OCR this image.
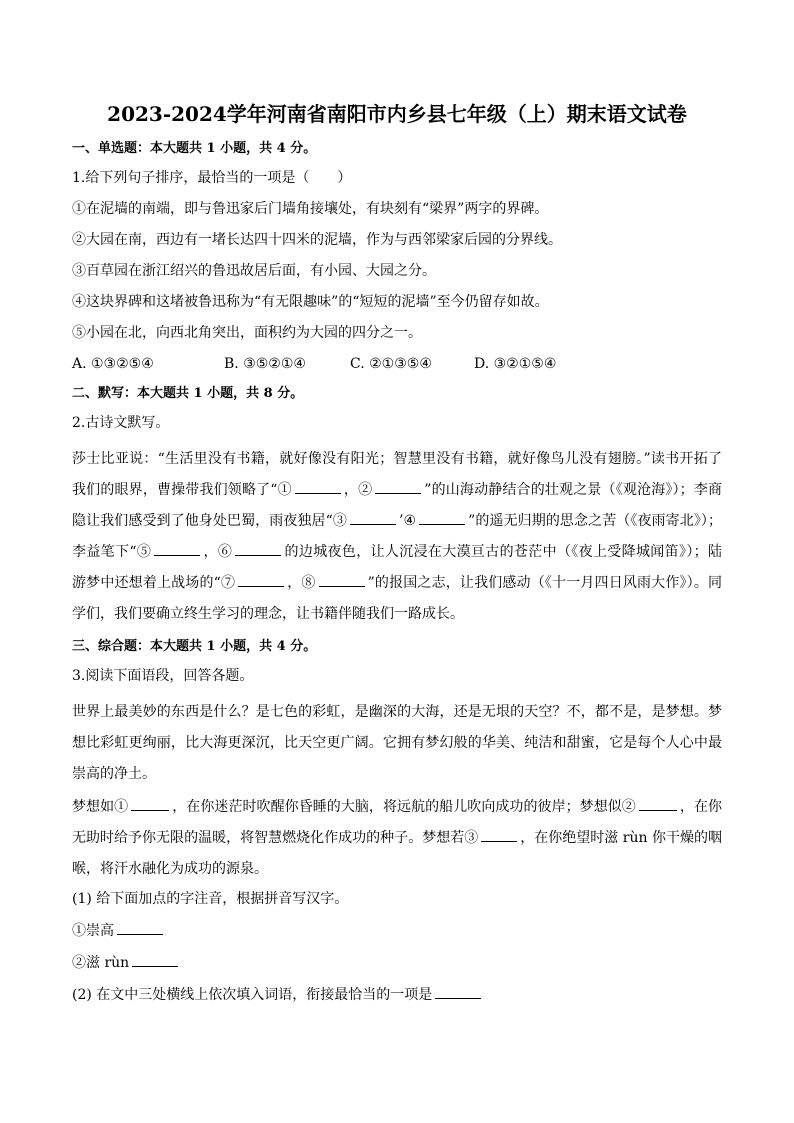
2023-2024学年河南省南阳市内乡县七年级（上）期末语文试卷
一、单选题：本大题共 1 小题，共 4 分。
1.给下列句子排序，最恰当的一项是（　　）
①在泥墙的南端，即与鲁迅家后门墙角接壤处，有块刻有“梁界”两字的界碑。
②大园在南，西边有一堵长达四十四米的泥墙，作为与西邻梁家后园的分界线。
③百草园在浙江绍兴的鲁迅故居后面，有小园、大园之分。
④这块界碑和这堵被鲁迅称为“有无限趣味”的“短短的泥墙”至今仍留存如故。
⑤小园在北，向西北角突出，面积约为大园的四分之一。
A. ①③②⑤④	B. ③⑤②①④	C. ②①③⑤④	D. ③②①⑤④
二、默写：本大题共 1 小题，共 8 分。
2.古诗文默写。

莎士比亚说：“生活里没有书籍，就好像没有阳光；智慧里没有书籍，就好像鸟儿没有翅膀。”读书开拓了我们的眼界，曹操带我们领略了“①	，②	”的山海动静结合的壮观之景（《观沧海》）；李商隐让我们感受到了他身处巴蜀，雨夜独居“③	’④	”的遥无归期的思念之苦（《夜雨寄北》）；李益笔下“⑤	，⑥	的边城夜色，让人沉浸在大漠亘古的苍茫中（《夜上受降城闻笛》）；陆游梦中还想着上战场的“⑦	，⑧	”的报国之志，让我们感动（《十一月四日风雨大作》）。同学们，我们要确立终生学习的理念，让书籍伴随我们一路成长。

三、综合题：本大题共 1 小题，共 4 分。
3.阅读下面语段，回答各题。

世界上最美妙的东西是什么？是七色的彩虹，是幽深的大海，还是无垠的天空？不，都不是，是梦想。梦想比彩虹更绚丽，比大海更深沉，比天空更广阔。它拥有梦幻般的华美、纯洁和甜蜜，它是每个人心中最崇高的净土。

梦想如①	，在你迷茫时吹醒你昏睡的大脑，将远航的船儿吹向成功的彼岸；梦想似②	，在你无助时给予你无限的温暖，将智慧燃烧化作成功的种子。梦想若③	，在你绝望时滋 rùn 你干燥的咽喉，将汗水融化为成功的源泉。

(1) 给下面加点的字注音，根据拼音写汉字。
①崇高
②滋 rùn
(2) 在文中三处横线上依次填入词语，衔接最恰当的一项是
